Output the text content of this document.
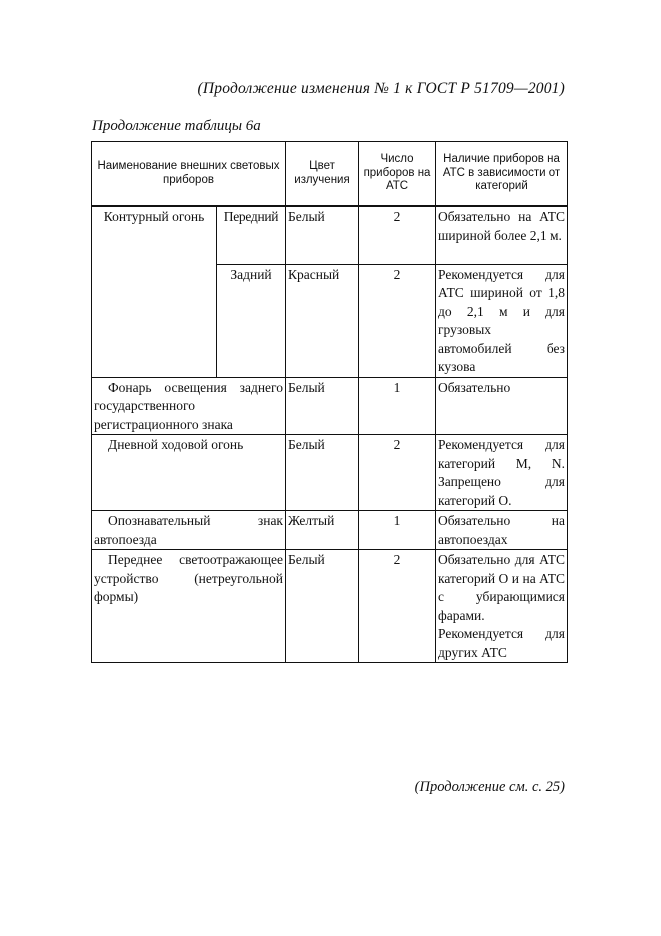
(Продолжение изменения № 1 к ГОСТ Р 51709—2001)
Продолжение таблицы 6а
Наименование внешних световых приборов		Цвет излучения	Число приборов на АТС	Наличие приборов на АТС в зависимости от категорий
Контурный огонь	Передний	Белый	2	Обязательно на АТС шириной более 2,1 м.
	Задний	Красный	2	Рекомендуется для АТС шириной от 1,8 до 2,1 м и для грузовых автомобилей без кузова
Фонарь освещения заднего государственного регистрационного знака		Белый	1	Обязательно
Дневной ходовой огонь		Белый	2	Рекомендуется для категорий M, N. Запрещено для категорий O.
Опознавательный знак автопоезда		Желтый	1	Обязательно на автопоездах
Переднее светоотражающее устройство (нетреугольной формы)		Белый	2	Обязательно для АТС категорий O и на АТС с убирающимися фарами. Рекомендуется для других АТС
(Продолжение см. с. 25)
